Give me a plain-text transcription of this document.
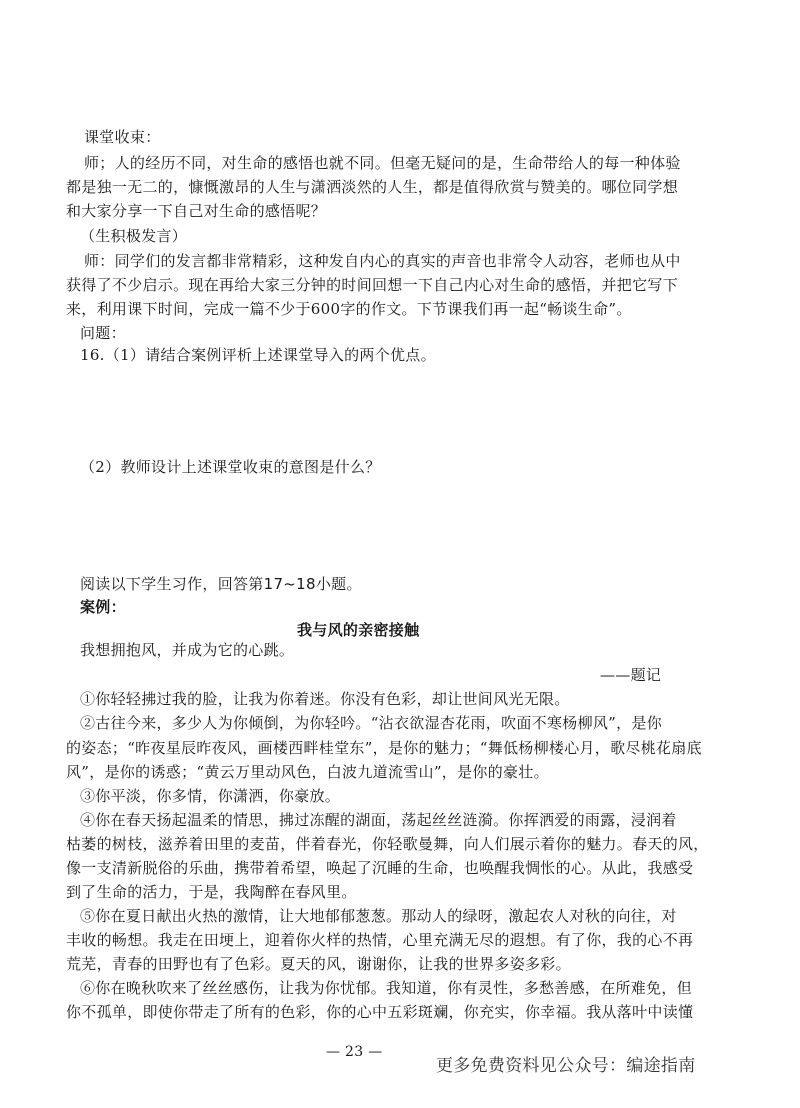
课堂收束：
师；人的经历不同，对生命的感悟也就不同。但毫无疑问的是，生命带给人的每一种体验
都是独一无二的，慷慨激昂的人生与潇洒淡然的人生，都是值得欣赏与赞美的。哪位同学想
和大家分享一下自己对生命的感悟呢？
（生积极发言）
师：同学们的发言都非常精彩，这种发自内心的真实的声音也非常令人动容，老师也从中
获得了不少启示。现在再给大家三分钟的时间回想一下自己内心对生命的感悟，并把它写下
来，利用课下时间，完成一篇不少于600字的作文。下节课我们再一起“畅谈生命”。
问题：
16.（1）请结合案例评析上述课堂导入的两个优点。
（2）教师设计上述课堂收束的意图是什么？
阅读以下学生习作，回答第17~18小题。
案例：
我与风的亲密接触
我想拥抱风，并成为它的心跳。
——题记
①你轻轻拂过我的脸，让我为你着迷。你没有色彩，却让世间风光无限。
②古往今来，多少人为你倾倒，为你轻吟。“沾衣欲湿杏花雨，吹面不寒杨柳风”，是你
的姿态；“昨夜星辰昨夜风，画楼西畔桂堂东”，是你的魅力；“舞低杨柳楼心月，歌尽桃花扇底
风”，是你的诱惑；“黄云万里动风色，白波九道流雪山”，是你的豪壮。
③你平淡，你多情，你潇洒，你豪放。
④你在春天扬起温柔的情思，拂过冻醒的湖面，荡起丝丝涟漪。你挥洒爱的雨露，浸润着
枯萎的树枝，滋养着田里的麦苗，伴着春光，你轻歌曼舞，向人们展示着你的魅力。春天的风，
像一支清新脱俗的乐曲，携带着希望，唤起了沉睡的生命，也唤醒我惆怅的心。从此，我感受
到了生命的活力，于是，我陶醉在春风里。
⑤你在夏日献出火热的激情，让大地郁郁葱葱。那动人的绿呀，激起农人对秋的向往，对
丰收的畅想。我走在田埂上，迎着你火样的热情，心里充满无尽的遐想。有了你，我的心不再
荒芜，青春的田野也有了色彩。夏天的风，谢谢你，让我的世界多姿多彩。
⑥你在晚秋吹来了丝丝感伤，让我为你忧郁。我知道，你有灵性，多愁善感，在所难免，但
你不孤单，即使你带走了所有的色彩，你的心中五彩斑斓，你充实，你幸福。我从落叶中读懂
— 23 —
更多免费资料见公众号：编途指南
